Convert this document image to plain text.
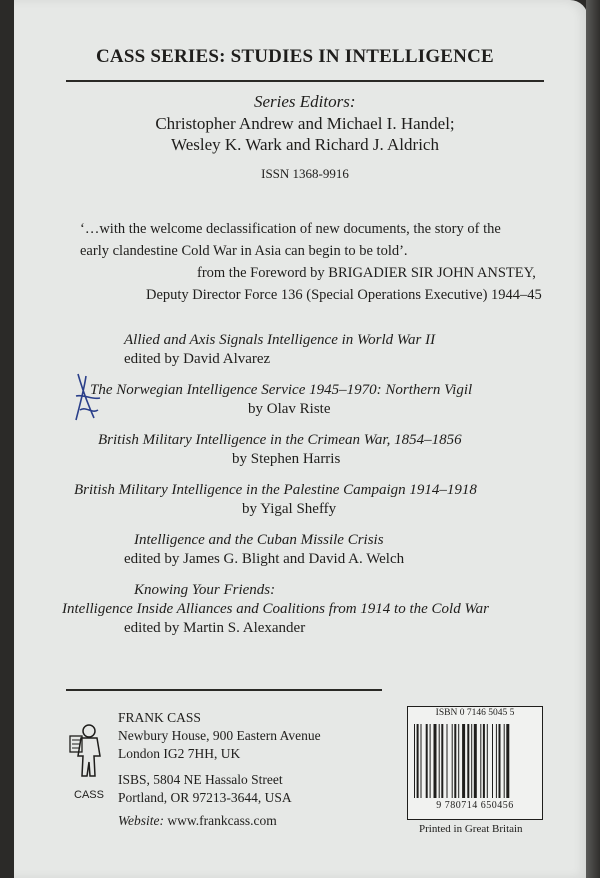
CASS SERIES: STUDIES IN INTELLIGENCE
Series Editors:
Christopher Andrew and Michael I. Handel;
Wesley K. Wark and Richard J. Aldrich
ISSN 1368-9916
‘…with the welcome declassification of new documents, the story of the
early clandestine Cold War in Asia can begin to be told’.
from the Foreword by BRIGADIER SIR JOHN ANSTEY,
Deputy Director Force 136 (Special Operations Executive) 1944–45
Allied and Axis Signals Intelligence in World War II
edited by David Alvarez
The Norwegian Intelligence Service 1945–1970: Northern Vigil
by Olav Riste
British Military Intelligence in the Crimean War, 1854–1856
by Stephen Harris
British Military Intelligence in the Palestine Campaign 1914–1918
by Yigal Sheffy
Intelligence and the Cuban Missile Crisis
edited by James G. Blight and David A. Welch
Knowing Your Friends:
Intelligence Inside Alliances and Coalitions from 1914 to the Cold War
edited by Martin S. Alexander
CASS
FRANK CASS
Newbury House, 900 Eastern Avenue
London IG2 7HH, UK
ISBS, 5804 NE Hassalo Street
Portland, OR 97213-3644, USA
Website: www.frankcass.com
ISBN 0 7146 5045 5
9 780714 650456
Printed in Great Britain
